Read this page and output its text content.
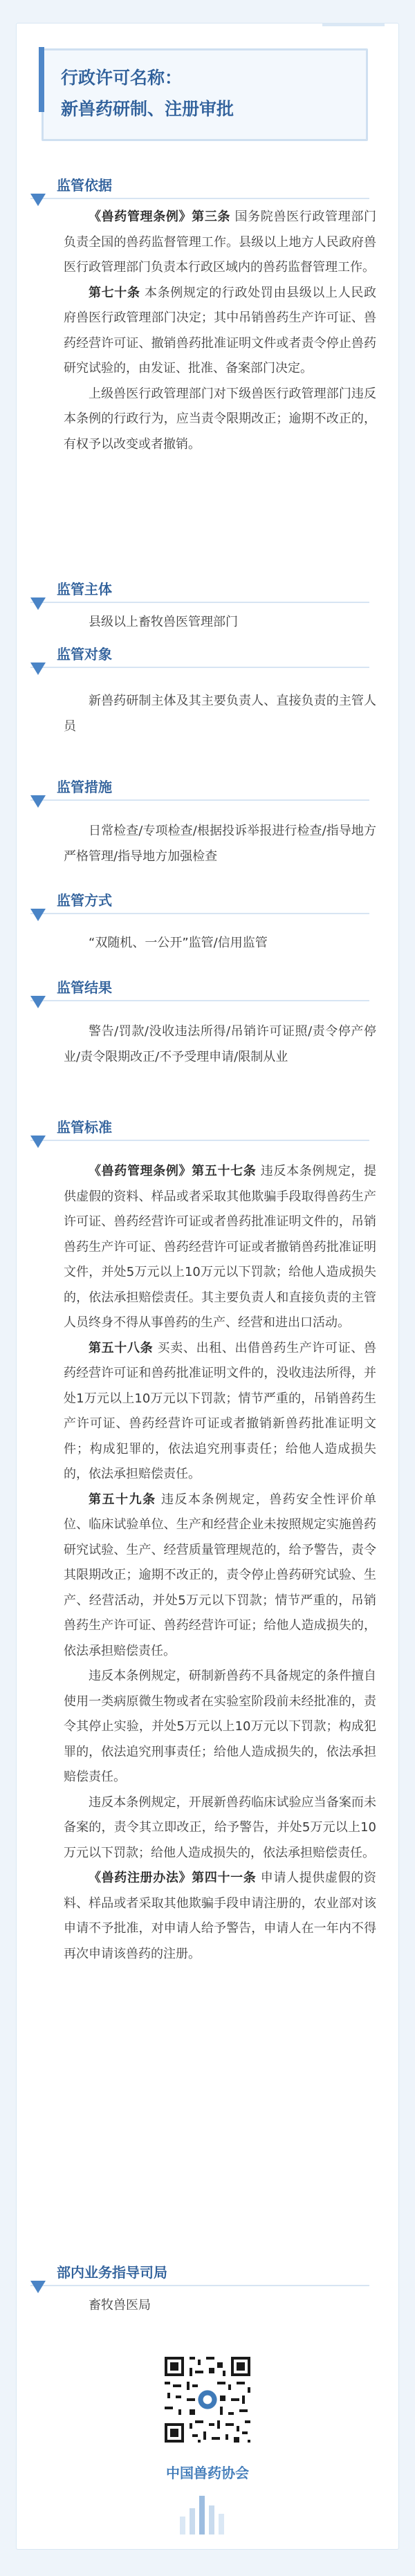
行政许可名称：
新兽药研制、注册审批
监管依据

《兽药管理条例》第三条 国务院兽医行政管理部门负责全国的兽药监督管理工作。县级以上地方人民政府兽医行政管理部门负责本行政区域内的兽药监督管理工作。

第七十条 本条例规定的行政处罚由县级以上人民政府兽医行政管理部门决定；其中吊销兽药生产许可证、兽药经营许可证、撤销兽药批准证明文件或者责令停止兽药研究试验的，由发证、批准、备案部门决定。

上级兽医行政管理部门对下级兽医行政管理部门违反本条例的行政行为，应当责令限期改正；逾期不改正的，有权予以改变或者撤销。

监管主体

县级以上畜牧兽医管理部门

监管对象

新兽药研制主体及其主要负责人、直接负责的主管人员

监管措施

日常检查/专项检查/根据投诉举报进行检查/指导地方严格管理/指导地方加强检查

监管方式

“双随机、一公开”监管/信用监管

监管结果

警告/罚款/没收违法所得/吊销许可证照/责令停产停业/责令限期改正/不予受理申请/限制从业

监管标准

《兽药管理条例》第五十七条 违反本条例规定，提供虚假的资料、样品或者采取其他欺骗手段取得兽药生产许可证、兽药经营许可证或者兽药批准证明文件的，吊销兽药生产许可证、兽药经营许可证或者撤销兽药批准证明文件，并处5万元以上10万元以下罚款；给他人造成损失的，依法承担赔偿责任。其主要负责人和直接负责的主管人员终身不得从事兽药的生产、经营和进出口活动。

第五十八条 买卖、出租、出借兽药生产许可证、兽药经营许可证和兽药批准证明文件的，没收违法所得，并处1万元以上10万元以下罚款；情节严重的，吊销兽药生产许可证、兽药经营许可证或者撤销新兽药批准证明文件；构成犯罪的，依法追究刑事责任；给他人造成损失的，依法承担赔偿责任。

第五十九条 违反本条例规定，兽药安全性评价单位、临床试验单位、生产和经营企业未按照规定实施兽药研究试验、生产、经营质量管理规范的，给予警告，责令其限期改正；逾期不改正的，责令停止兽药研究试验、生产、经营活动，并处5万元以下罚款；情节严重的，吊销兽药生产许可证、兽药经营许可证；给他人造成损失的，依法承担赔偿责任。

违反本条例规定，研制新兽药不具备规定的条件擅自使用一类病原微生物或者在实验室阶段前未经批准的，责令其停止实验，并处5万元以上10万元以下罚款；构成犯罪的，依法追究刑事责任；给他人造成损失的，依法承担赔偿责任。

违反本条例规定，开展新兽药临床试验应当备案而未备案的，责令其立即改正，给予警告，并处5万元以上10万元以下罚款；给他人造成损失的，依法承担赔偿责任。

《兽药注册办法》第四十一条 申请人提供虚假的资料、样品或者采取其他欺骗手段申请注册的，农业部对该申请不予批准，对申请人给予警告，申请人在一年内不得再次申请该兽药的注册。

部内业务指导司局

畜牧兽医局

中国兽药协会
